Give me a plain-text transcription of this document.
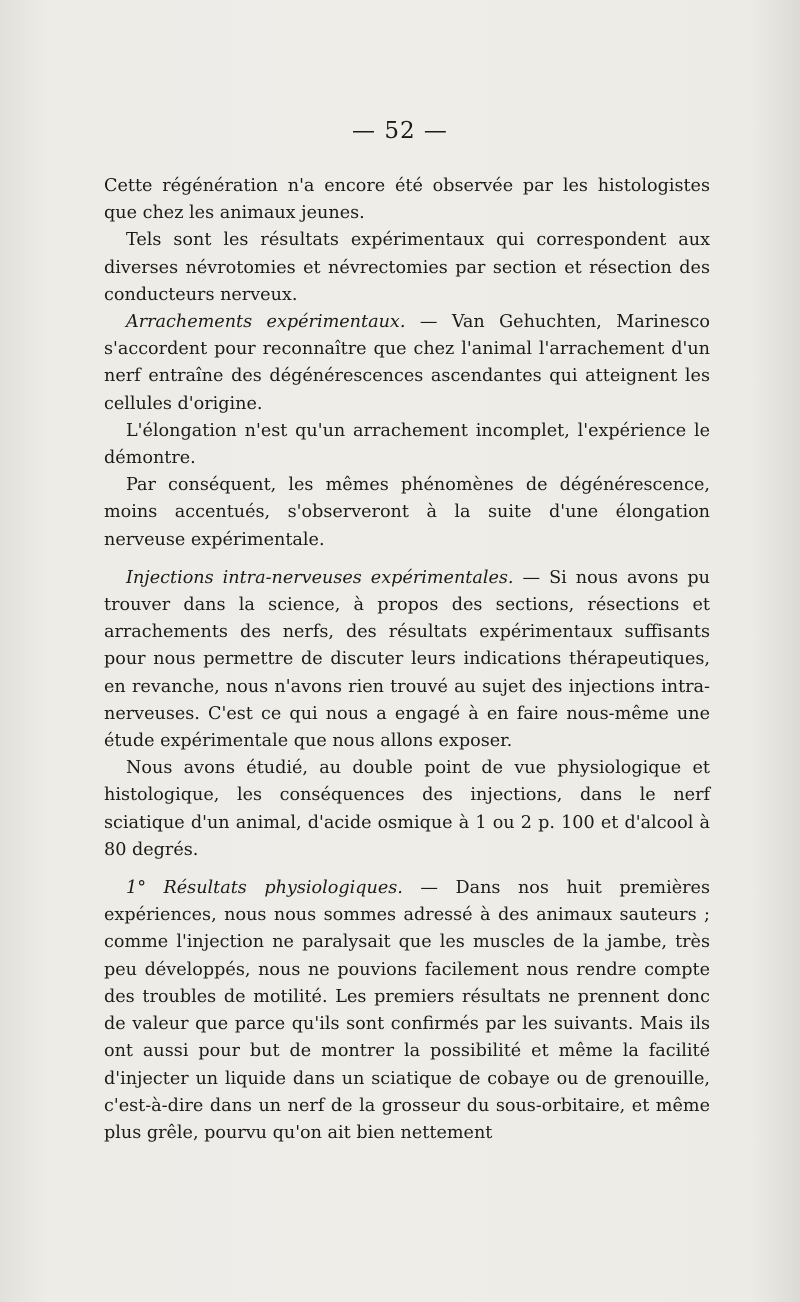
— 52 —

Cette régénération n'a encore été observée par les histologistes que chez les animaux jeunes.

Tels sont les résultats expérimentaux qui correspondent aux diverses névrotomies et névrectomies par section et résection des conducteurs nerveux.

Arrachements expérimentaux. — Van Gehuchten, Marinesco s'accordent pour reconnaître que chez l'animal l'arrachement d'un nerf entraîne des dégénérescences ascendantes qui atteignent les cellules d'origine.

L'élongation n'est qu'un arrachement incomplet, l'expérience le démontre.

Par conséquent, les mêmes phénomènes de dégénérescence, moins accentués, s'observeront à la suite d'une élongation nerveuse expérimentale.

Injections intra-nerveuses expérimentales. — Si nous avons pu trouver dans la science, à propos des sections, résections et arrachements des nerfs, des résultats expérimentaux suffisants pour nous permettre de discuter leurs indications thérapeutiques, en revanche, nous n'avons rien trouvé au sujet des injections intra-nerveuses. C'est ce qui nous a engagé à en faire nous-même une étude expérimentale que nous allons exposer.

Nous avons étudié, au double point de vue physiologique et histologique, les conséquences des injections, dans le nerf sciatique d'un animal, d'acide osmique à 1 ou 2 p. 100 et d'alcool à 80 degrés.

1° Résultats physiologiques. — Dans nos huit premières expériences, nous nous sommes adressé à des animaux sauteurs ; comme l'injection ne paralysait que les muscles de la jambe, très peu développés, nous ne pouvions facilement nous rendre compte des troubles de motilité. Les premiers résultats ne prennent donc de valeur que parce qu'ils sont confirmés par les suivants. Mais ils ont aussi pour but de montrer la possibilité et même la facilité d'injecter un liquide dans un sciatique de cobaye ou de grenouille, c'est-à-dire dans un nerf de la grosseur du sous-orbitaire, et même plus grêle, pourvu qu'on ait bien nettement
